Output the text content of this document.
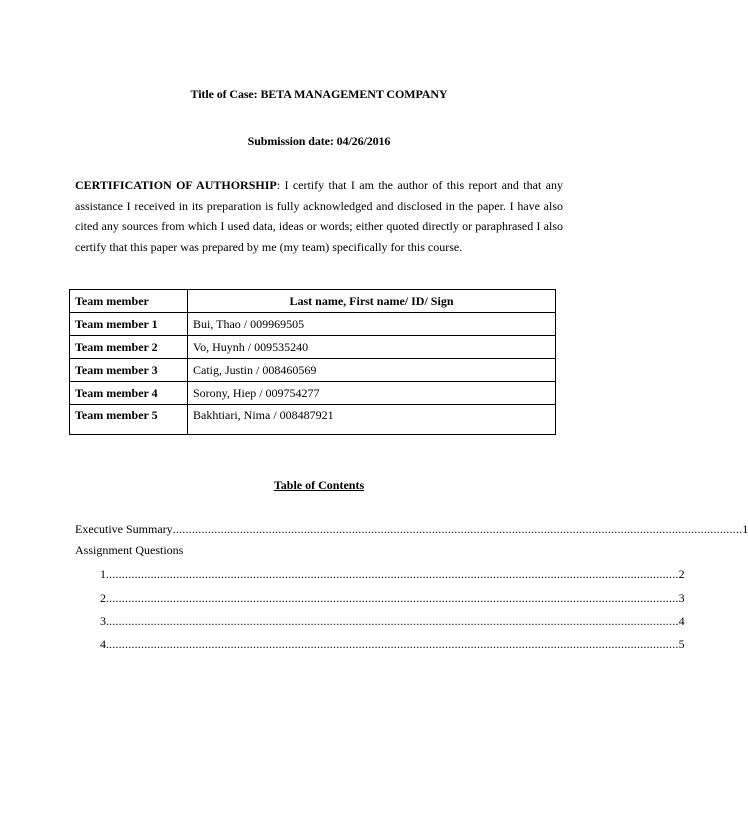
Title of Case: BETA MANAGEMENT COMPANY
Submission date: 04/26/2016
CERTIFICATION OF AUTHORSHIP: I certify that I am the author of this report and that any assistance I received in its preparation is fully acknowledged and disclosed in the paper. I have also cited any sources from which I used data, ideas or words; either quoted directly or paraphrased I also certify that this paper was prepared by me (my team) specifically for this course.
Team member	Last name, First name/ ID/ Sign
Team member 1	Bui, Thao / 009969505
Team member 2	Vo, Huynh / 009535240
Team member 3	Catig, Justin / 008460569
Team member 4	Sorony, Hiep / 009754277
Team member 5	Bakhtiari, Nima / 008487921
Table of Contents
Executive Summary .................................................................................................................................................................................. 1
Assignment Questions
1. .................................................................................................................................................................................. 2
2. .................................................................................................................................................................................. 3
3. .................................................................................................................................................................................. 4
4. .................................................................................................................................................................................. 5
